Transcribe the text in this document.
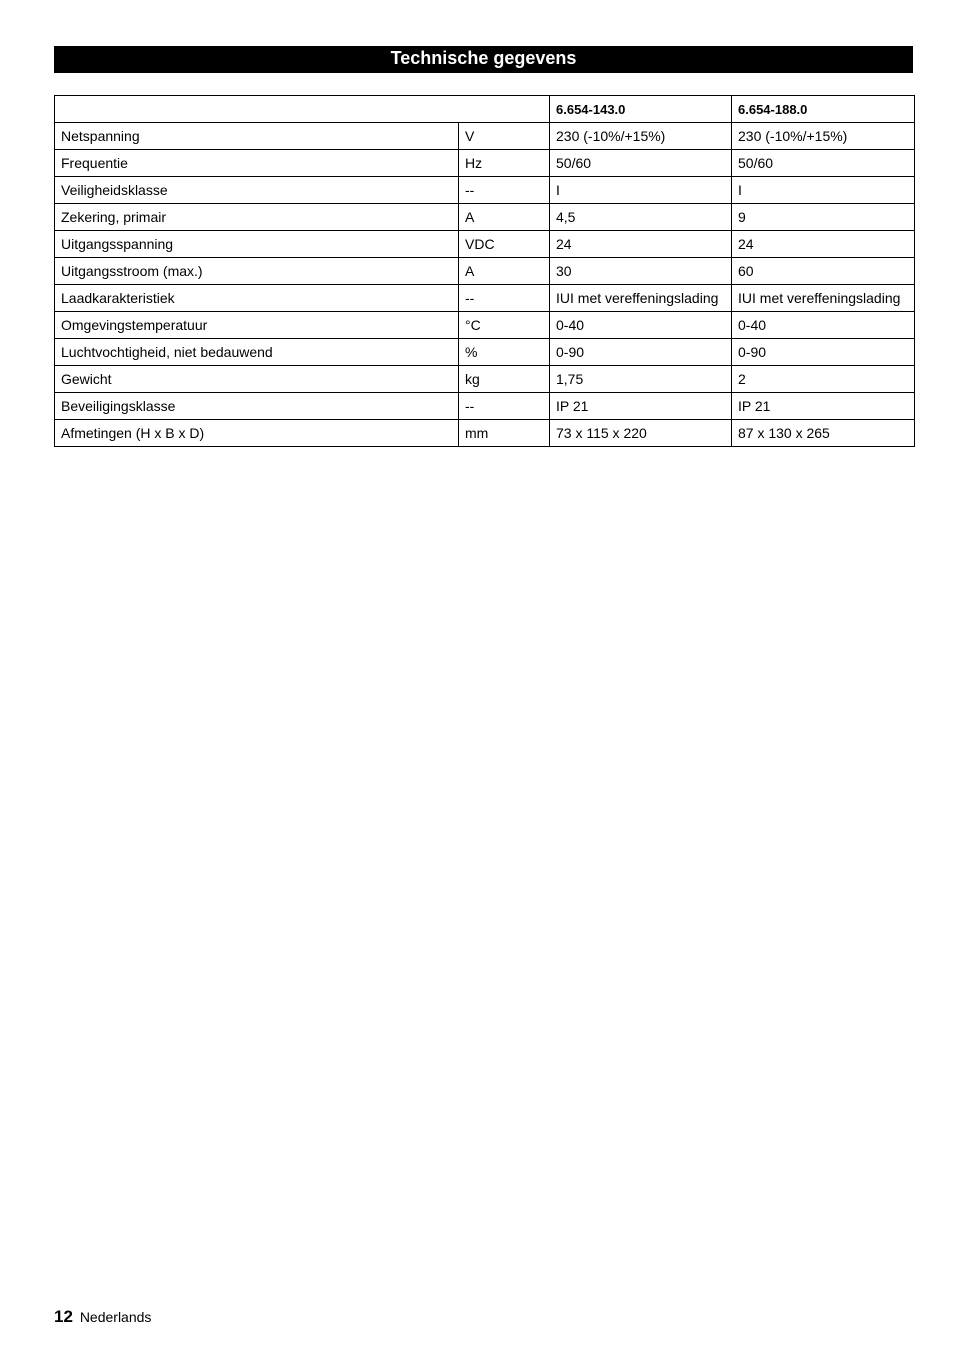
Technische gegevens
		6.654-143.0	6.654-188.0
Netspanning	V	230 (-10%/+15%)	230 (-10%/+15%)
Frequentie	Hz	50/60	50/60
Veiligheidsklasse	--	I	I
Zekering, primair	A	4,5	9
Uitgangsspanning	VDC	24	24
Uitgangsstroom (max.)	A	30	60
Laadkarakteristiek	--	IUI met vereffeningslading	IUI met vereffeningslading
Omgevingstemperatuur	°C	0-40	0-40
Luchtvochtigheid, niet bedauwend	%	0-90	0-90
Gewicht	kg	1,75	2
Beveiligingsklasse	--	IP 21	IP 21
Afmetingen (H x B x D)	mm	73 x 115 x 220	87 x 130 x 265
12 Nederlands
